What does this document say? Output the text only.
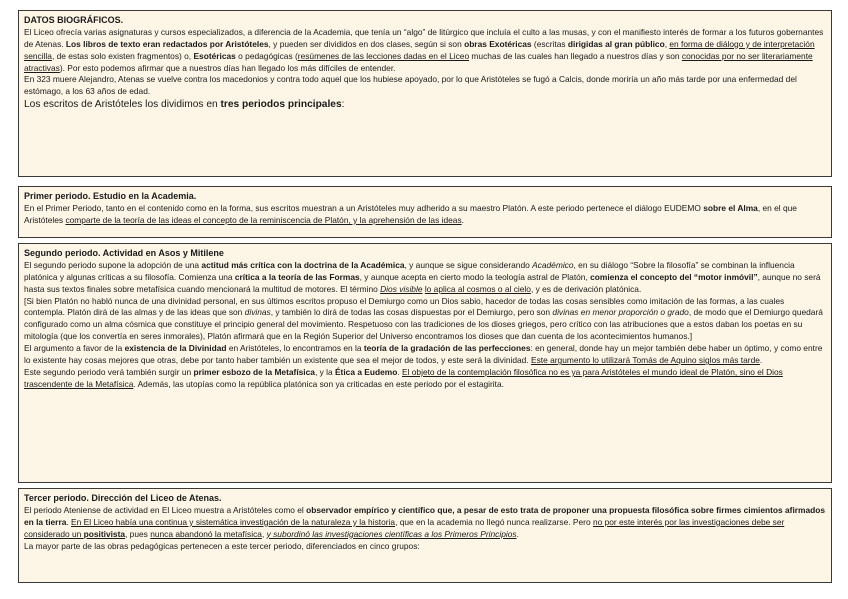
DATOS BIOGRÁFICOS.

El Liceo ofrecía varias asignaturas y cursos especializados, a diferencia de la Academia, que tenía un “algo” de litúrgico que incluía el culto a las musas, y con el manifiesto interés de formar a los futuros gobernantes de Atenas. Los libros de texto eran redactados por Aristóteles, y pueden ser divididos en dos clases, según si son obras Exotéricas (escritas dirigidas al gran público, en forma de diálogo y de interpretación sencilla, de estas solo existen fragmentos) o, Esotéricas o pedagógicas (resúmenes de las lecciones dadas en el Liceo muchas de las cuales han llegado a nuestros días y son conocidas por no ser literariamente atractivas). Por esto podemos afirmar que a nuestros días han llegado los más difíciles de entender.

En 323 muere Alejandro, Atenas se vuelve contra los macedonios y contra todo aquel que los hubiese apoyado, por lo que Aristóteles se fugó a Calcis, donde moriría un año más tarde por una enfermedad del estómago, a los 63 años de edad.

Los escritos de Aristóteles los dividimos en tres periodos principales:

Primer periodo. Estudio en la Academia.

En el Primer Periodo, tanto en el contenido como en la forma, sus escritos muestran a un Aristóteles muy adherido a su maestro Platón. A este periodo pertenece el diálogo EUDEMO sobre el Alma, en el que Aristóteles comparte de la teoría de las ideas el concepto de la reminiscencia de Platón, y la aprehensión de las ideas.

Segundo periodo. Actividad en Asos y Mitilene

El segundo periodo supone la adopción de una actitud más crítica con la doctrina de la Académica, y aunque se sigue considerando Académico, en su diálogo “Sobre la filosofía” se combinan la influencia platónica y algunas críticas a su filosofía. Comienza una crítica a la teoría de las Formas, y aunque acepta en cierto modo la teología astral de Platón, comienza el concepto del “motor inmóvil”, aunque no será hasta sus textos finales sobre metafísica cuando mencionará la multitud de motores. El término Dios visible lo aplica al cosmos o al cielo, y es de derivación platónica.

[Si bien Platón no habló nunca de una divinidad personal, en sus últimos escritos propuso el Demiurgo como un Dios sabio, hacedor de todas las cosas sensibles como imitación de las formas, a las cuales contempla. Platón dirá de las almas y de las ideas que son divinas, y también lo dirá de todas las cosas dispuestas por el Demiurgo, pero son divinas en menor proporción o grado, de modo que el Demiurgo quedará configurado como un alma cósmica que constituye el principio general del movimiento. Respetuoso con las tradiciones de los dioses griegos, pero crítico con las atribuciones que a estos daban los poetas en su mitología (que los convertía en seres inmorales), Platón afirmará que en la Región Superior del Universo encontramos los dioses que dan cuenta de los acontecimientos humanos.]

El argumento a favor de la existencia de la Divinidad en Aristóteles, lo encontramos en la teoría de la gradación de las perfecciones: en general, donde hay un mejor también debe haber un óptimo, y como entre lo existente hay cosas mejores que otras, debe por tanto haber también un existente que sea el mejor de todos, y este será la divinidad. Este argumento lo utilizará Tomás de Aquino siglos más tarde.

Este segundo periodo verá también surgir un primer esbozo de la Metafísica, y la Ética a Eudemo. El objeto de la contemplación filosófica no es ya para Aristóteles el mundo ideal de Platón, sino el Dios trascendente de la Metafísica. Además, las utopías como la república platónica son ya criticadas en este periodo por el estagirita.

Tercer periodo. Dirección del Liceo de Atenas.

El periodo Ateniense de actividad en El Liceo muestra a Aristóteles como el observador empírico y científico que, a pesar de esto trata de proponer una propuesta filosófica sobre firmes cimientos afirmados en la tierra. En El Liceo había una continua y sistemática investigación de la naturaleza y la historia, que en la academia no llegó nunca realizarse. Pero no por este interés por las investigaciones debe ser considerado un positivista, pues nunca abandonó la metafísica, y subordinó las investigaciones científicas a los Primeros Principios.

La mayor parte de las obras pedagógicas pertenecen a este tercer periodo, diferenciados en cinco grupos:
